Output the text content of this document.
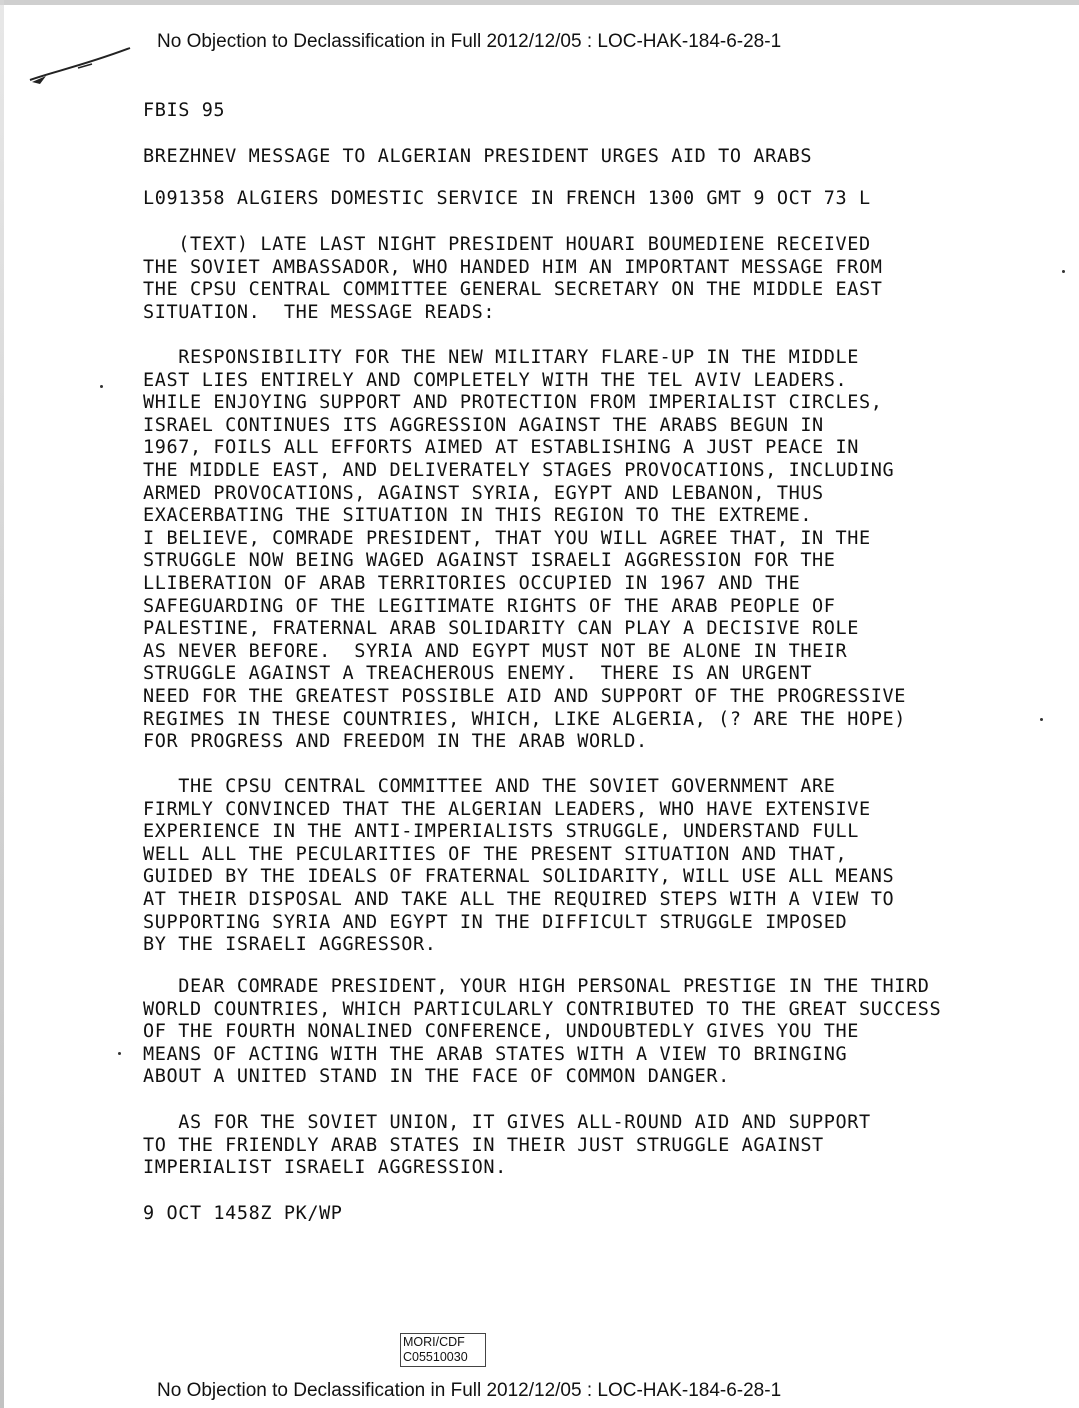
No Objection to Declassification in Full 2012/12/05 : LOC-HAK-184-6-28-1
FBIS 95
BREZHNEV MESSAGE TO ALGERIAN PRESIDENT URGES AID TO ARABS
L091358 ALGIERS DOMESTIC SERVICE IN FRENCH 1300 GMT 9 OCT 73 L
(TEXT) LATE LAST NIGHT PRESIDENT HOUARI BOUMEDIENE RECEIVED
THE SOVIET AMBASSADOR, WHO HANDED HIM AN IMPORTANT MESSAGE FROM
THE CPSU CENTRAL COMMITTEE GENERAL SECRETARY ON THE MIDDLE EAST
SITUATION.  THE MESSAGE READS:
RESPONSIBILITY FOR THE NEW MILITARY FLARE-UP IN THE MIDDLE
EAST LIES ENTIRELY AND COMPLETELY WITH THE TEL AVIV LEADERS.
WHILE ENJOYING SUPPORT AND PROTECTION FROM IMPERIALIST CIRCLES,
ISRAEL CONTINUES ITS AGGRESSION AGAINST THE ARABS BEGUN IN
1967, FOILS ALL EFFORTS AIMED AT ESTABLISHING A JUST PEACE IN
THE MIDDLE EAST, AND DELIVERATELY STAGES PROVOCATIONS, INCLUDING
ARMED PROVOCATIONS, AGAINST SYRIA, EGYPT AND LEBANON, THUS
EXACERBATING THE SITUATION IN THIS REGION TO THE EXTREME.
I BELIEVE, COMRADE PRESIDENT, THAT YOU WILL AGREE THAT, IN THE
STRUGGLE NOW BEING WAGED AGAINST ISRAELI AGGRESSION FOR THE
LLIBERATION OF ARAB TERRITORIES OCCUPIED IN 1967 AND THE
SAFEGUARDING OF THE LEGITIMATE RIGHTS OF THE ARAB PEOPLE OF
PALESTINE, FRATERNAL ARAB SOLIDARITY CAN PLAY A DECISIVE ROLE
AS NEVER BEFORE.  SYRIA AND EGYPT MUST NOT BE ALONE IN THEIR
STRUGGLE AGAINST A TREACHEROUS ENEMY.  THERE IS AN URGENT
NEED FOR THE GREATEST POSSIBLE AID AND SUPPORT OF THE PROGRESSIVE
REGIMES IN THESE COUNTRIES, WHICH, LIKE ALGERIA, (? ARE THE HOPE)
FOR PROGRESS AND FREEDOM IN THE ARAB WORLD.
THE CPSU CENTRAL COMMITTEE AND THE SOVIET GOVERNMENT ARE
FIRMLY CONVINCED THAT THE ALGERIAN LEADERS, WHO HAVE EXTENSIVE
EXPERIENCE IN THE ANTI-IMPERIALISTS STRUGGLE, UNDERSTAND FULL
WELL ALL THE PECULARITIES OF THE PRESENT SITUATION AND THAT,
GUIDED BY THE IDEALS OF FRATERNAL SOLIDARITY, WILL USE ALL MEANS
AT THEIR DISPOSAL AND TAKE ALL THE REQUIRED STEPS WITH A VIEW TO
SUPPORTING SYRIA AND EGYPT IN THE DIFFICULT STRUGGLE IMPOSED
BY THE ISRAELI AGGRESSOR.
DEAR COMRADE PRESIDENT, YOUR HIGH PERSONAL PRESTIGE IN THE THIRD
WORLD COUNTRIES, WHICH PARTICULARLY CONTRIBUTED TO THE GREAT SUCCESS
OF THE FOURTH NONALINED CONFERENCE, UNDOUBTEDLY GIVES YOU THE
MEANS OF ACTING WITH THE ARAB STATES WITH A VIEW TO BRINGING
ABOUT A UNITED STAND IN THE FACE OF COMMON DANGER.
AS FOR THE SOVIET UNION, IT GIVES ALL-ROUND AID AND SUPPORT
TO THE FRIENDLY ARAB STATES IN THEIR JUST STRUGGLE AGAINST
IMPERIALIST ISRAELI AGGRESSION.
9 OCT 1458Z PK/WP
MORI/CDF
C05510030
No Objection to Declassification in Full 2012/12/05 : LOC-HAK-184-6-28-1
